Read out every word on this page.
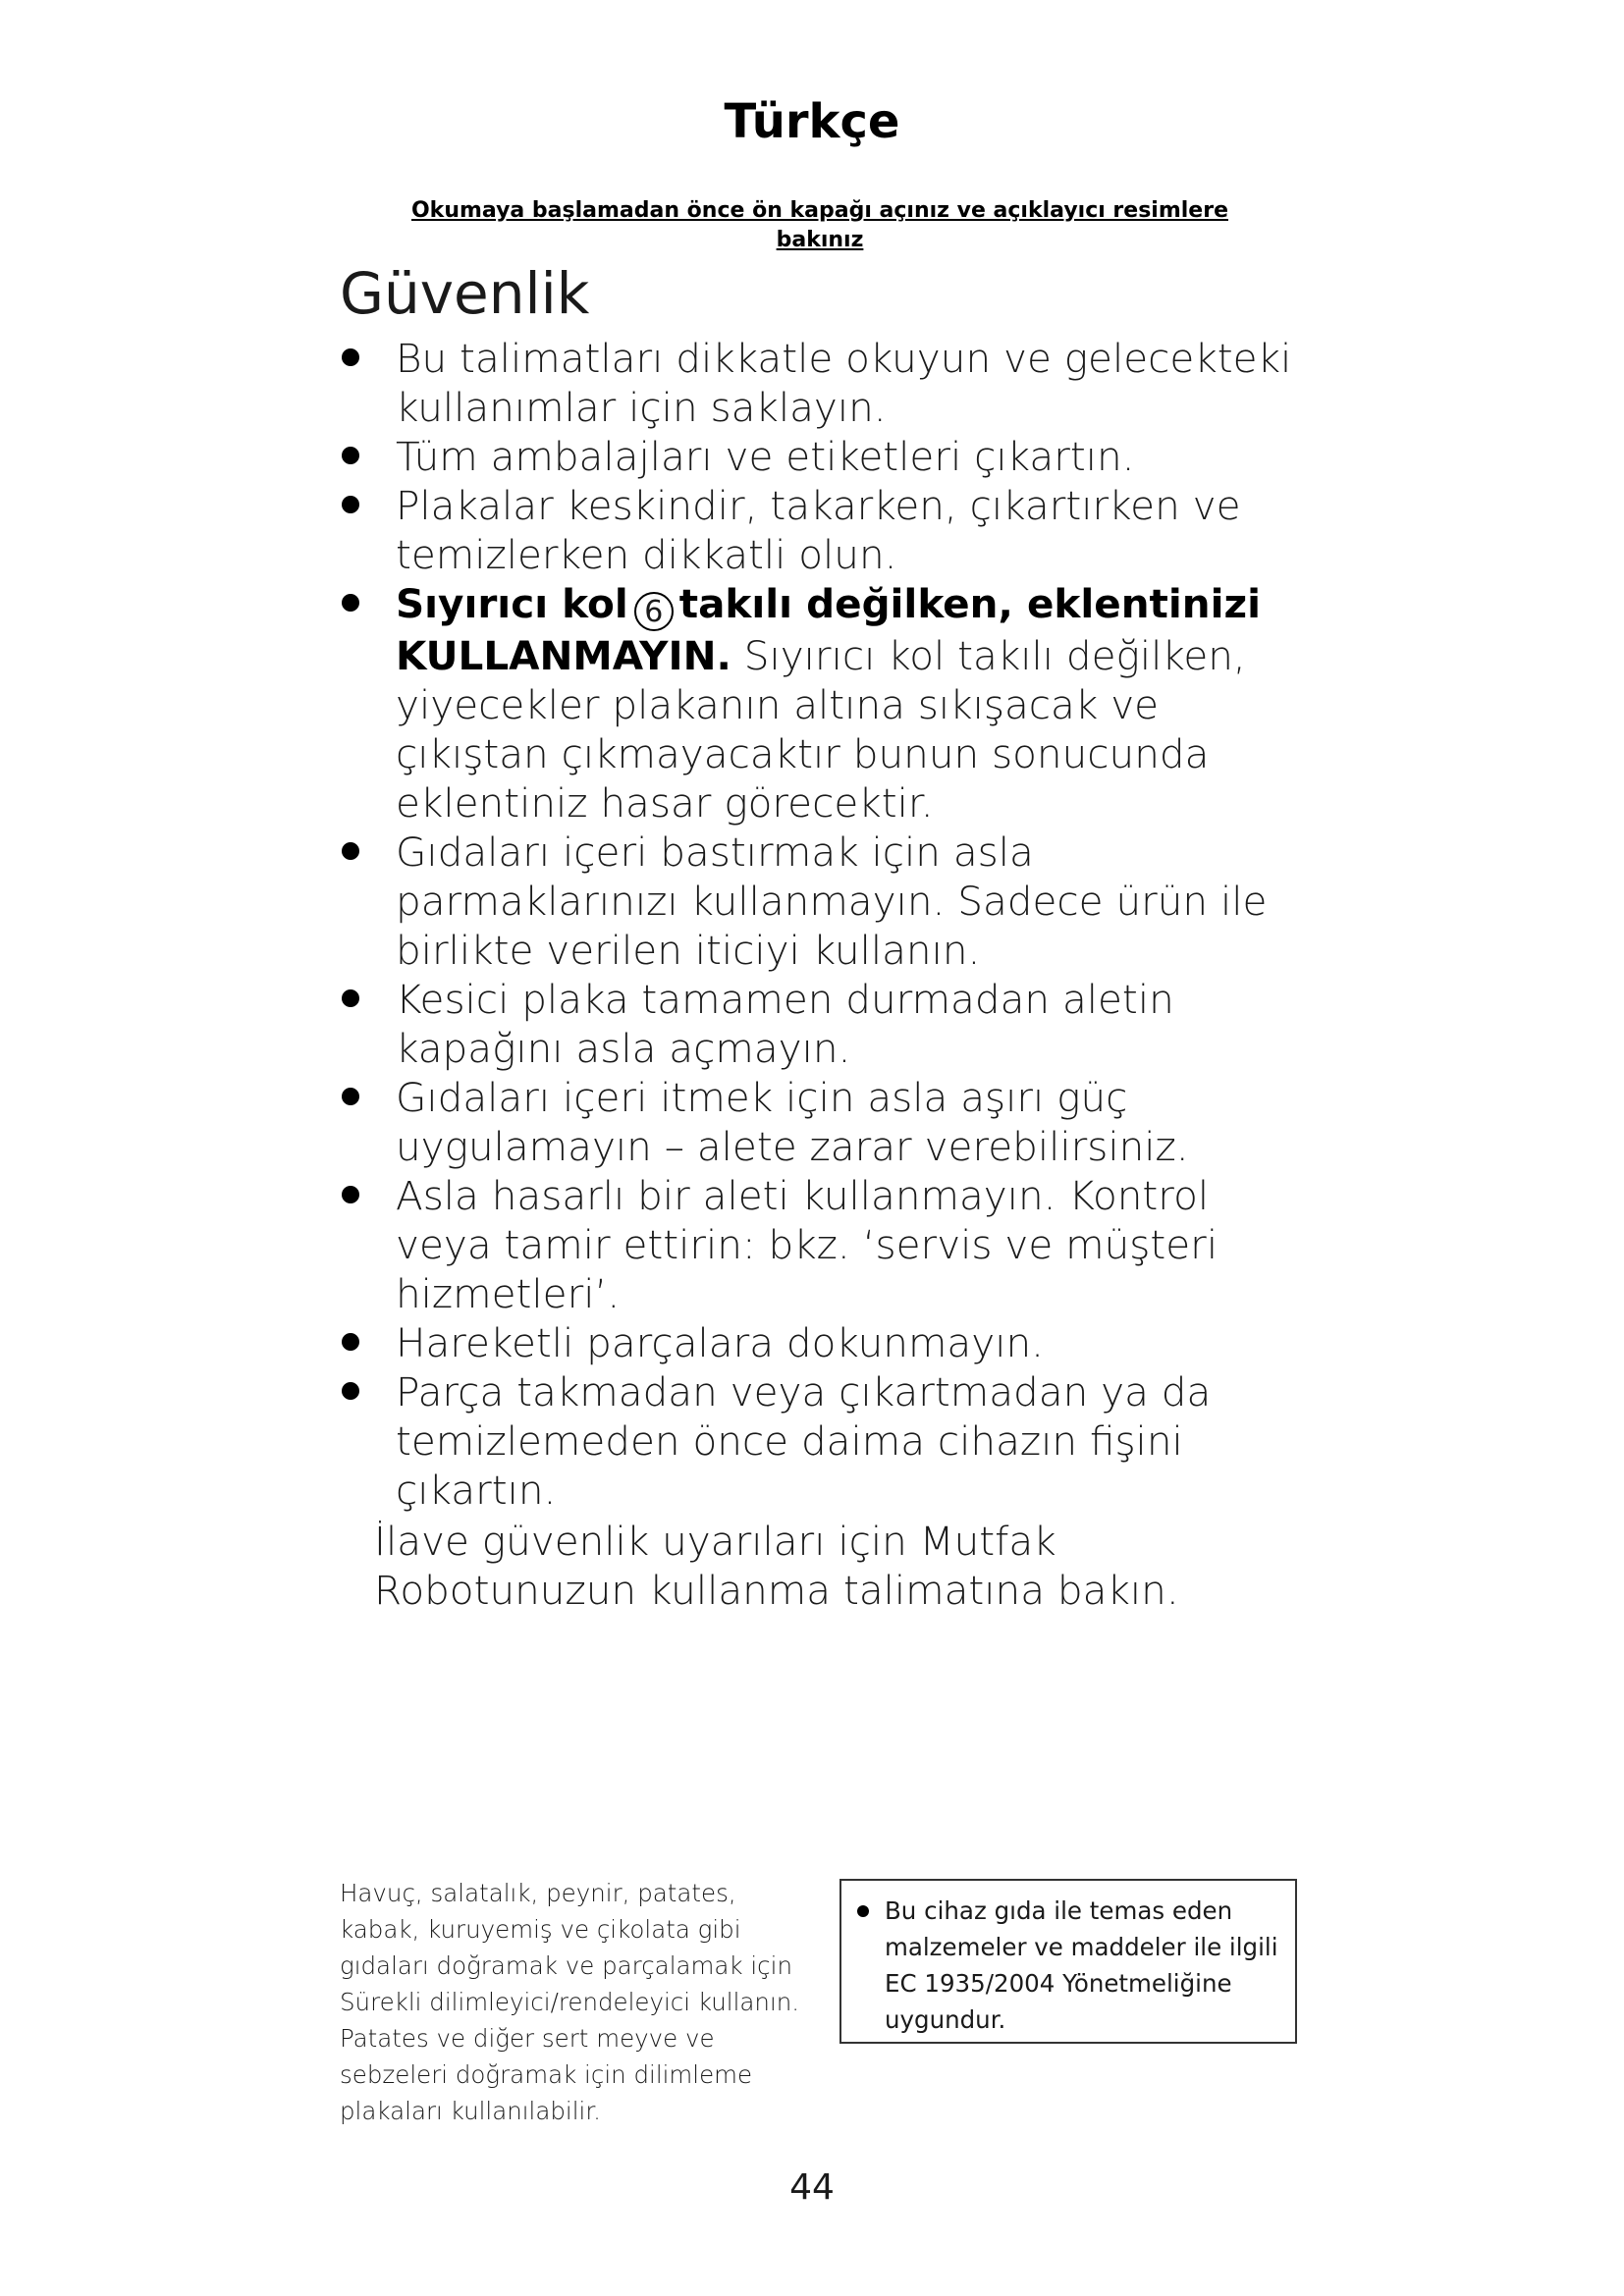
Türkçe
Okumaya başlamadan önce ön kapağı açınız ve açıklayıcı resimlere bakınız
Güvenlik
Bu talimatları dikkatle okuyun ve gelecekteki kullanımlar için saklayın.
Tüm ambalajları ve etiketleri çıkartın.
Plakalar keskindir, takarken, çıkartırken ve temizlerken dikkatli olun.
Sıyırıcı kol 6 takılı değilken, eklentinizi KULLANMAYIN. Sıyırıcı kol takılı değilken, yiyecekler plakanın altına sıkışacak ve çıkıştan çıkmayacaktır bunun sonucunda eklentiniz hasar görecektir.
Gıdaları içeri bastırmak için asla parmaklarınızı kullanmayın. Sadece ürün ile birlikte verilen iticiyi kullanın.
Kesici plaka tamamen durmadan aletin kapağını asla açmayın.
Gıdaları içeri itmek için asla aşırı güç uygulamayın – alete zarar verebilirsiniz.
Asla hasarlı bir aleti kullanmayın. Kontrol veya tamir ettirin: bkz. ‘servis ve müşteri hizmetleri’.
Hareketli parçalara dokunmayın.
Parça takmadan veya çıkartmadan ya da temizlemeden önce daima cihazın fişini çıkartın.
İlave güvenlik uyarıları için Mutfak Robotunuzun kullanma talimatına bakın.

Havuç, salatalık, peynir, patates, kabak, kuruyemiş ve çikolata gibi gıdaları doğramak ve parçalamak için Sürekli dilimleyici/rendeleyici kullanın.

Patates ve diğer sert meyve ve sebzeleri doğramak için dilimleme plakaları kullanılabilir.

Bu cihaz gıda ile temas eden malzemeler ve maddeler ile ilgili EC 1935/2004 Yönetmeliğine uygundur.
44
